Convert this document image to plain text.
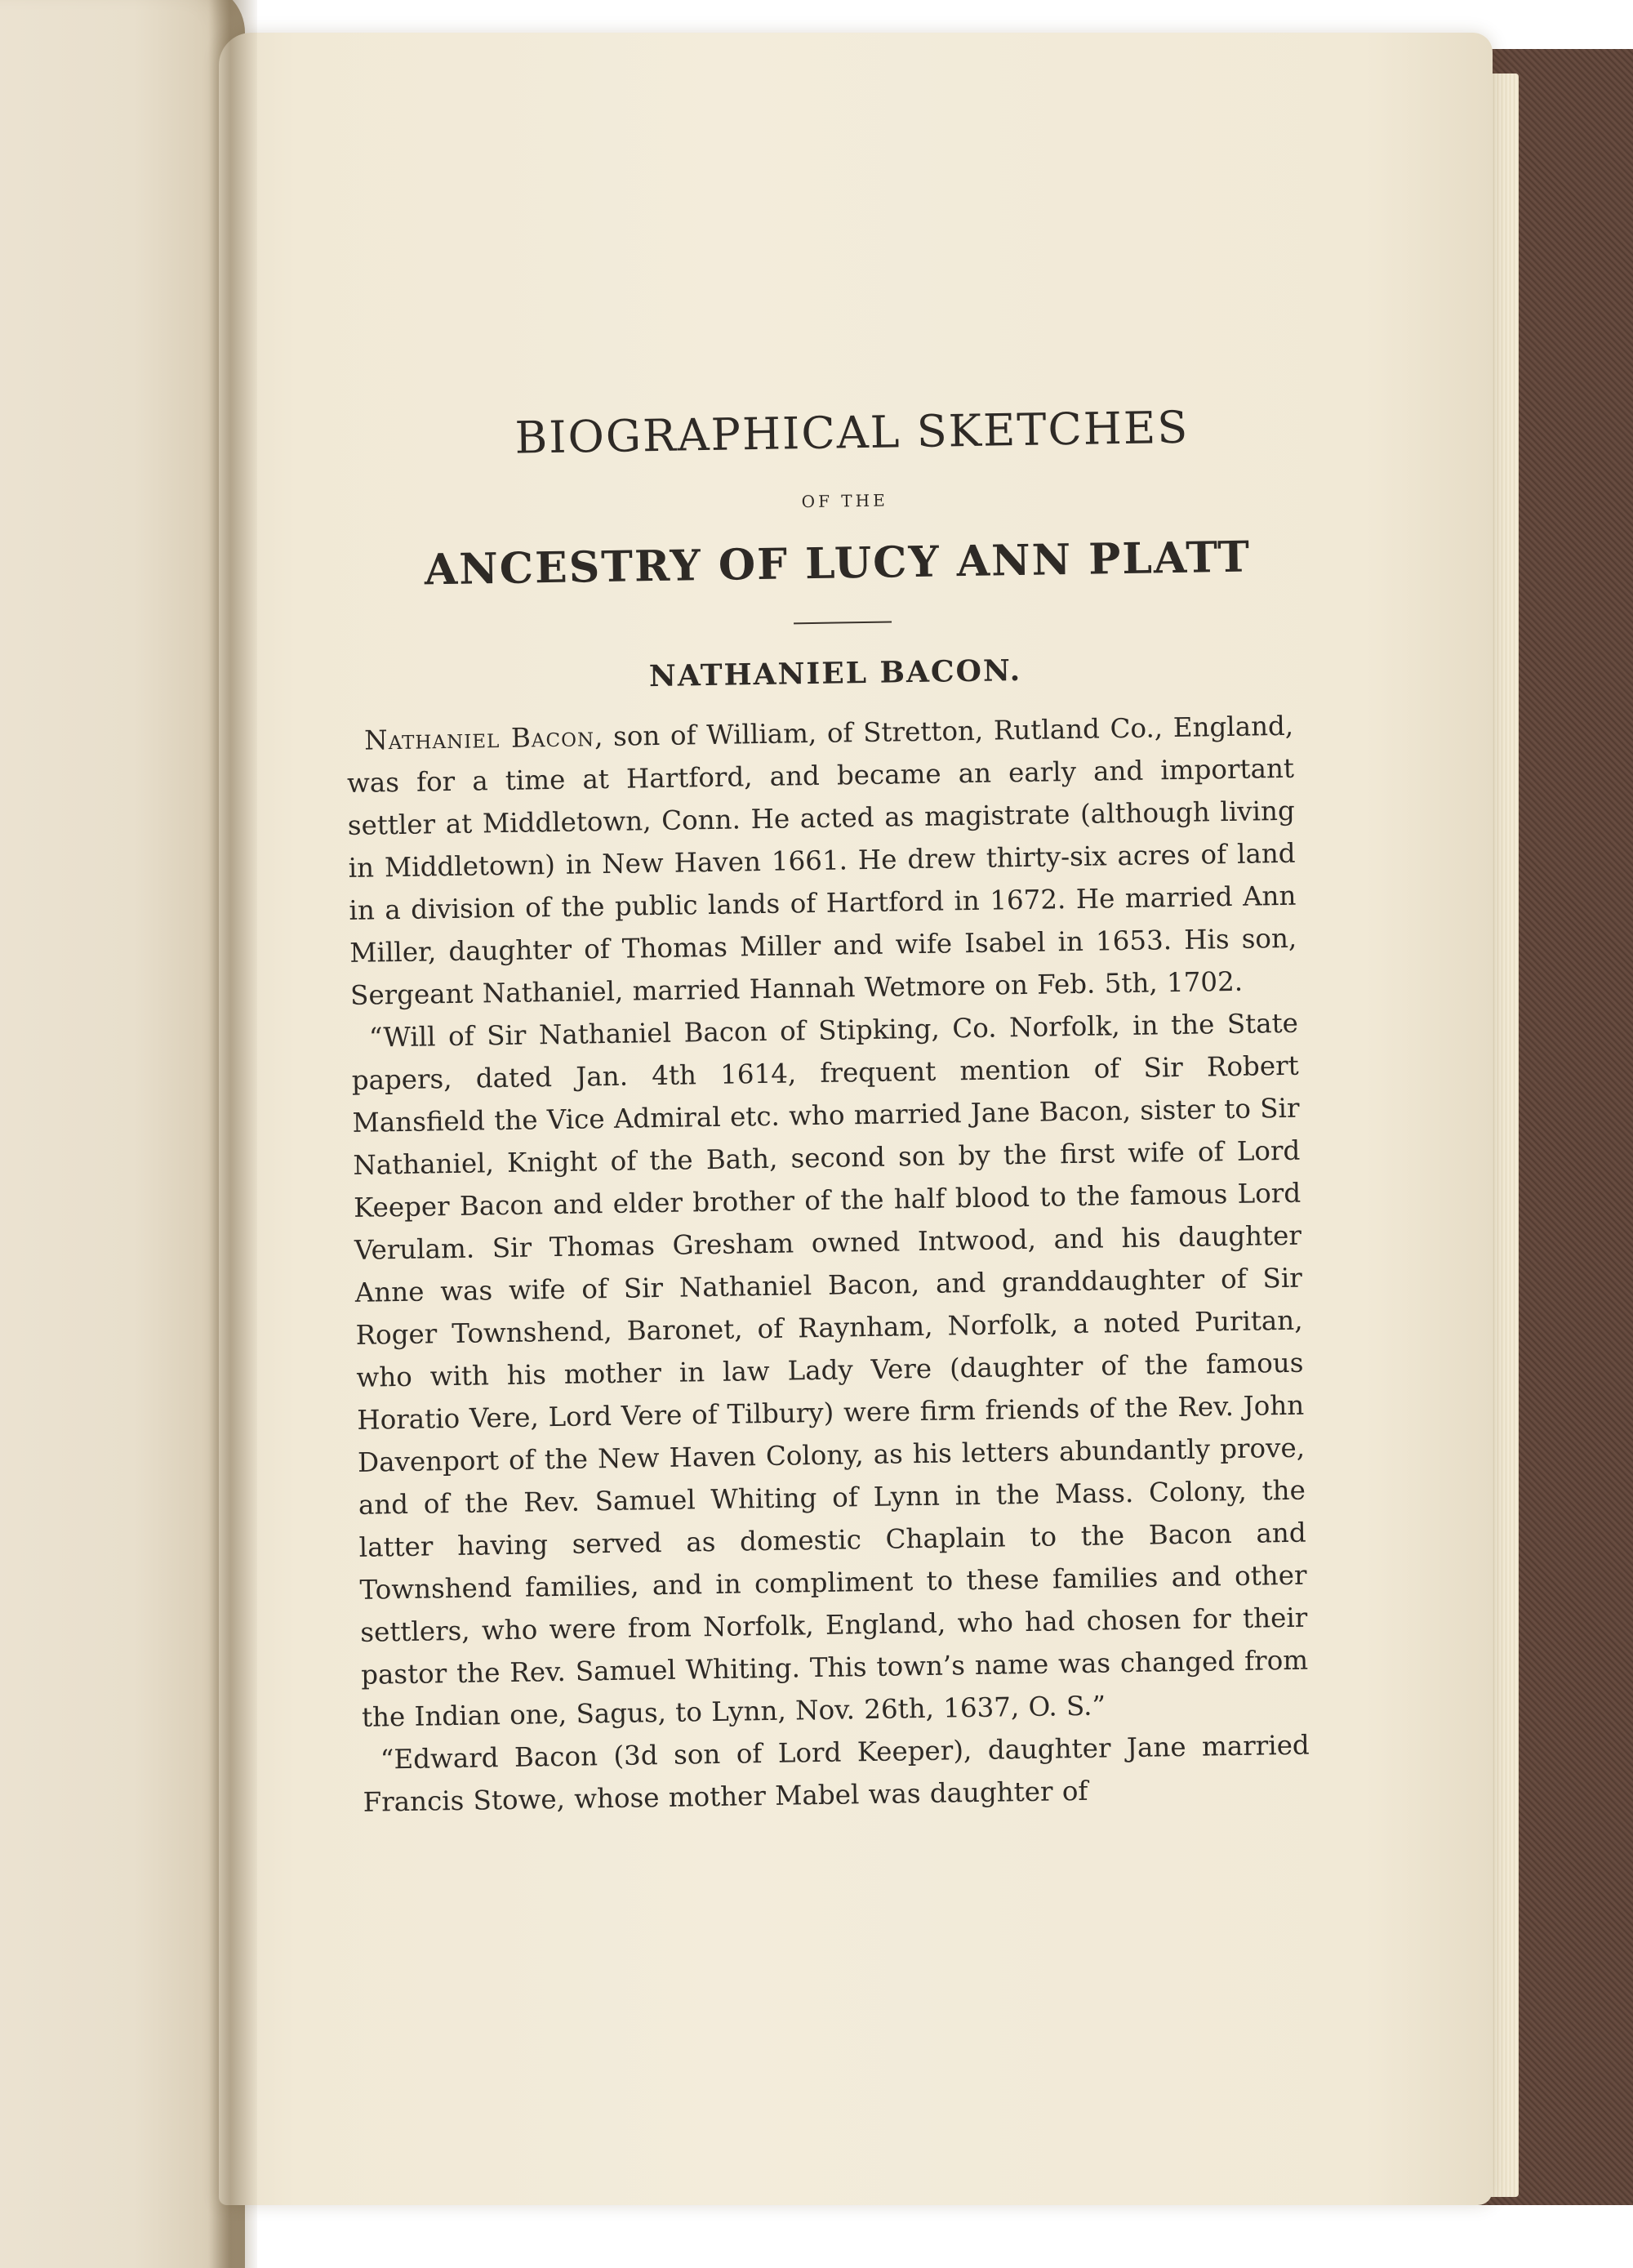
BIOGRAPHICAL SKETCHES
OF THE
ANCESTRY OF LUCY ANN PLATT
NATHANIEL BACON.

Nathaniel Bacon, son of William, of Stretton, Rutland Co., England, was for a time at Hartford, and became an early and important settler at Middletown, Conn. He acted as magistrate (although living in Middletown) in New Haven 1661. He drew thirty-six acres of land in a division of the public lands of Hartford in 1672. He married Ann Miller, daughter of Thomas Miller and wife Isabel in 1653. His son, Sergeant Nathaniel, married Hannah Wetmore on Feb. 5th, 1702.

“Will of Sir Nathaniel Bacon of Stipking, Co. Norfolk, in the State papers, dated Jan. 4th 1614, frequent mention of Sir Robert Mansfield the Vice Admiral etc. who married Jane Bacon, sister to Sir Nathaniel, Knight of the Bath, second son by the first wife of Lord Keeper Bacon and elder brother of the half blood to the famous Lord Verulam. Sir Thomas Gresham owned Intwood, and his daughter Anne was wife of Sir Nathaniel Bacon, and granddaughter of Sir Roger Townshend, Baronet, of Raynham, Norfolk, a noted Puritan, who with his mother in law Lady Vere (daughter of the famous Horatio Vere, Lord Vere of Tilbury) were firm friends of the Rev. John Davenport of the New Haven Colony, as his letters abundantly prove, and of the Rev. Samuel Whiting of Lynn in the Mass. Colony, the latter having served as domestic Chaplain to the Bacon and Townshend families, and in compliment to these families and other settlers, who were from Norfolk, England, who had chosen for their pastor the Rev. Samuel Whiting. This town’s name was changed from the Indian one, Sagus, to Lynn, Nov. 26th, 1637, O. S.”

“Edward Bacon (3d son of Lord Keeper), daughter Jane married Francis Stowe, whose mother Mabel was daughter of
